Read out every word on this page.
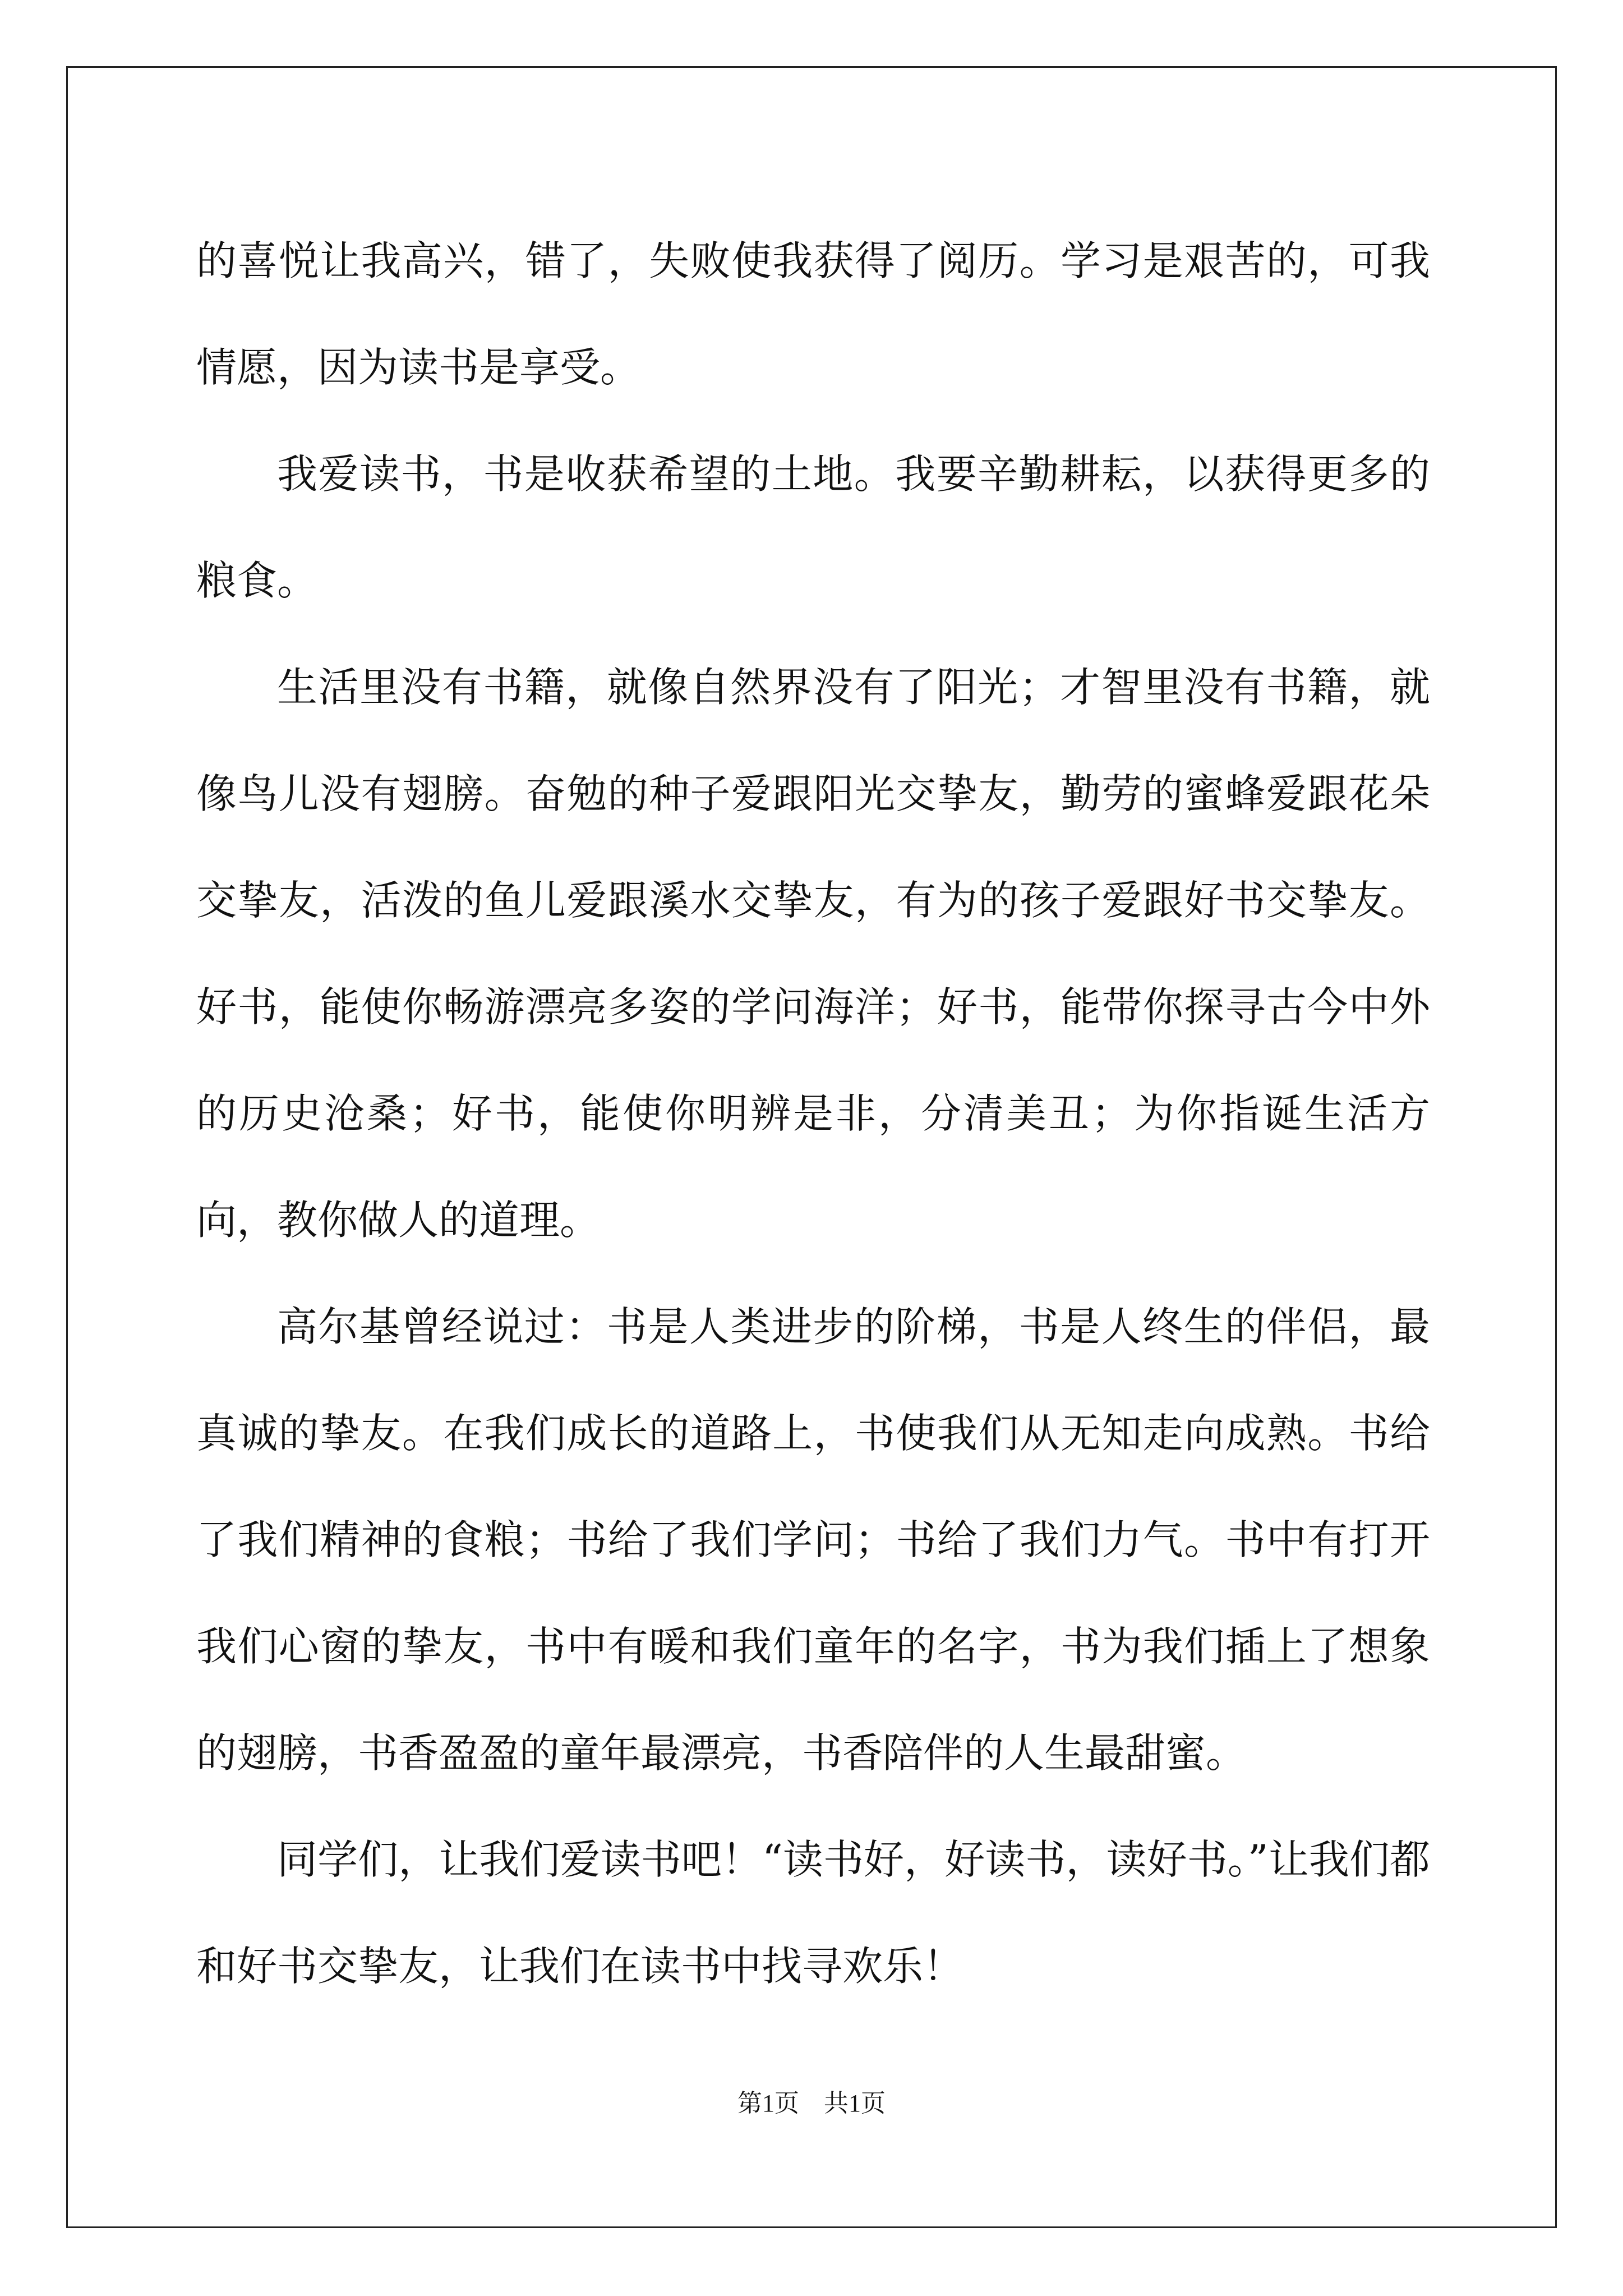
的喜悦让我高兴，错了，失败使我获得了阅历。学习是艰苦的，可我情愿，因为读书是享受。

我爱读书，书是收获希望的土地。我要辛勤耕耘，以获得更多的粮食。

生活里没有书籍，就像自然界没有了阳光；才智里没有书籍，就像鸟儿没有翅膀。奋勉的种子爱跟阳光交挚友，勤劳的蜜蜂爱跟花朵交挚友，活泼的鱼儿爱跟溪水交挚友，有为的孩子爱跟好书交挚友。好书，能使你畅游漂亮多姿的学问海洋；好书，能带你探寻古今中外的历史沧桑；好书，能使你明辨是非，分清美丑；为你指诞生活方向，教你做人的道理。

高尔基曾经说过：书是人类进步的阶梯，书是人终生的伴侣，最真诚的挚友。在我们成长的道路上，书使我们从无知走向成熟。书给了我们精神的食粮；书给了我们学问；书给了我们力气。书中有打开我们心窗的挚友，书中有暖和我们童年的名字，书为我们插上了想象的翅膀，书香盈盈的童年最漂亮，书香陪伴的人生最甜蜜。

同学们，让我们爱读书吧！“读书好，好读书，读好书。”让我们都和好书交挚友，让我们在读书中找寻欢乐！

第1页　共1页
